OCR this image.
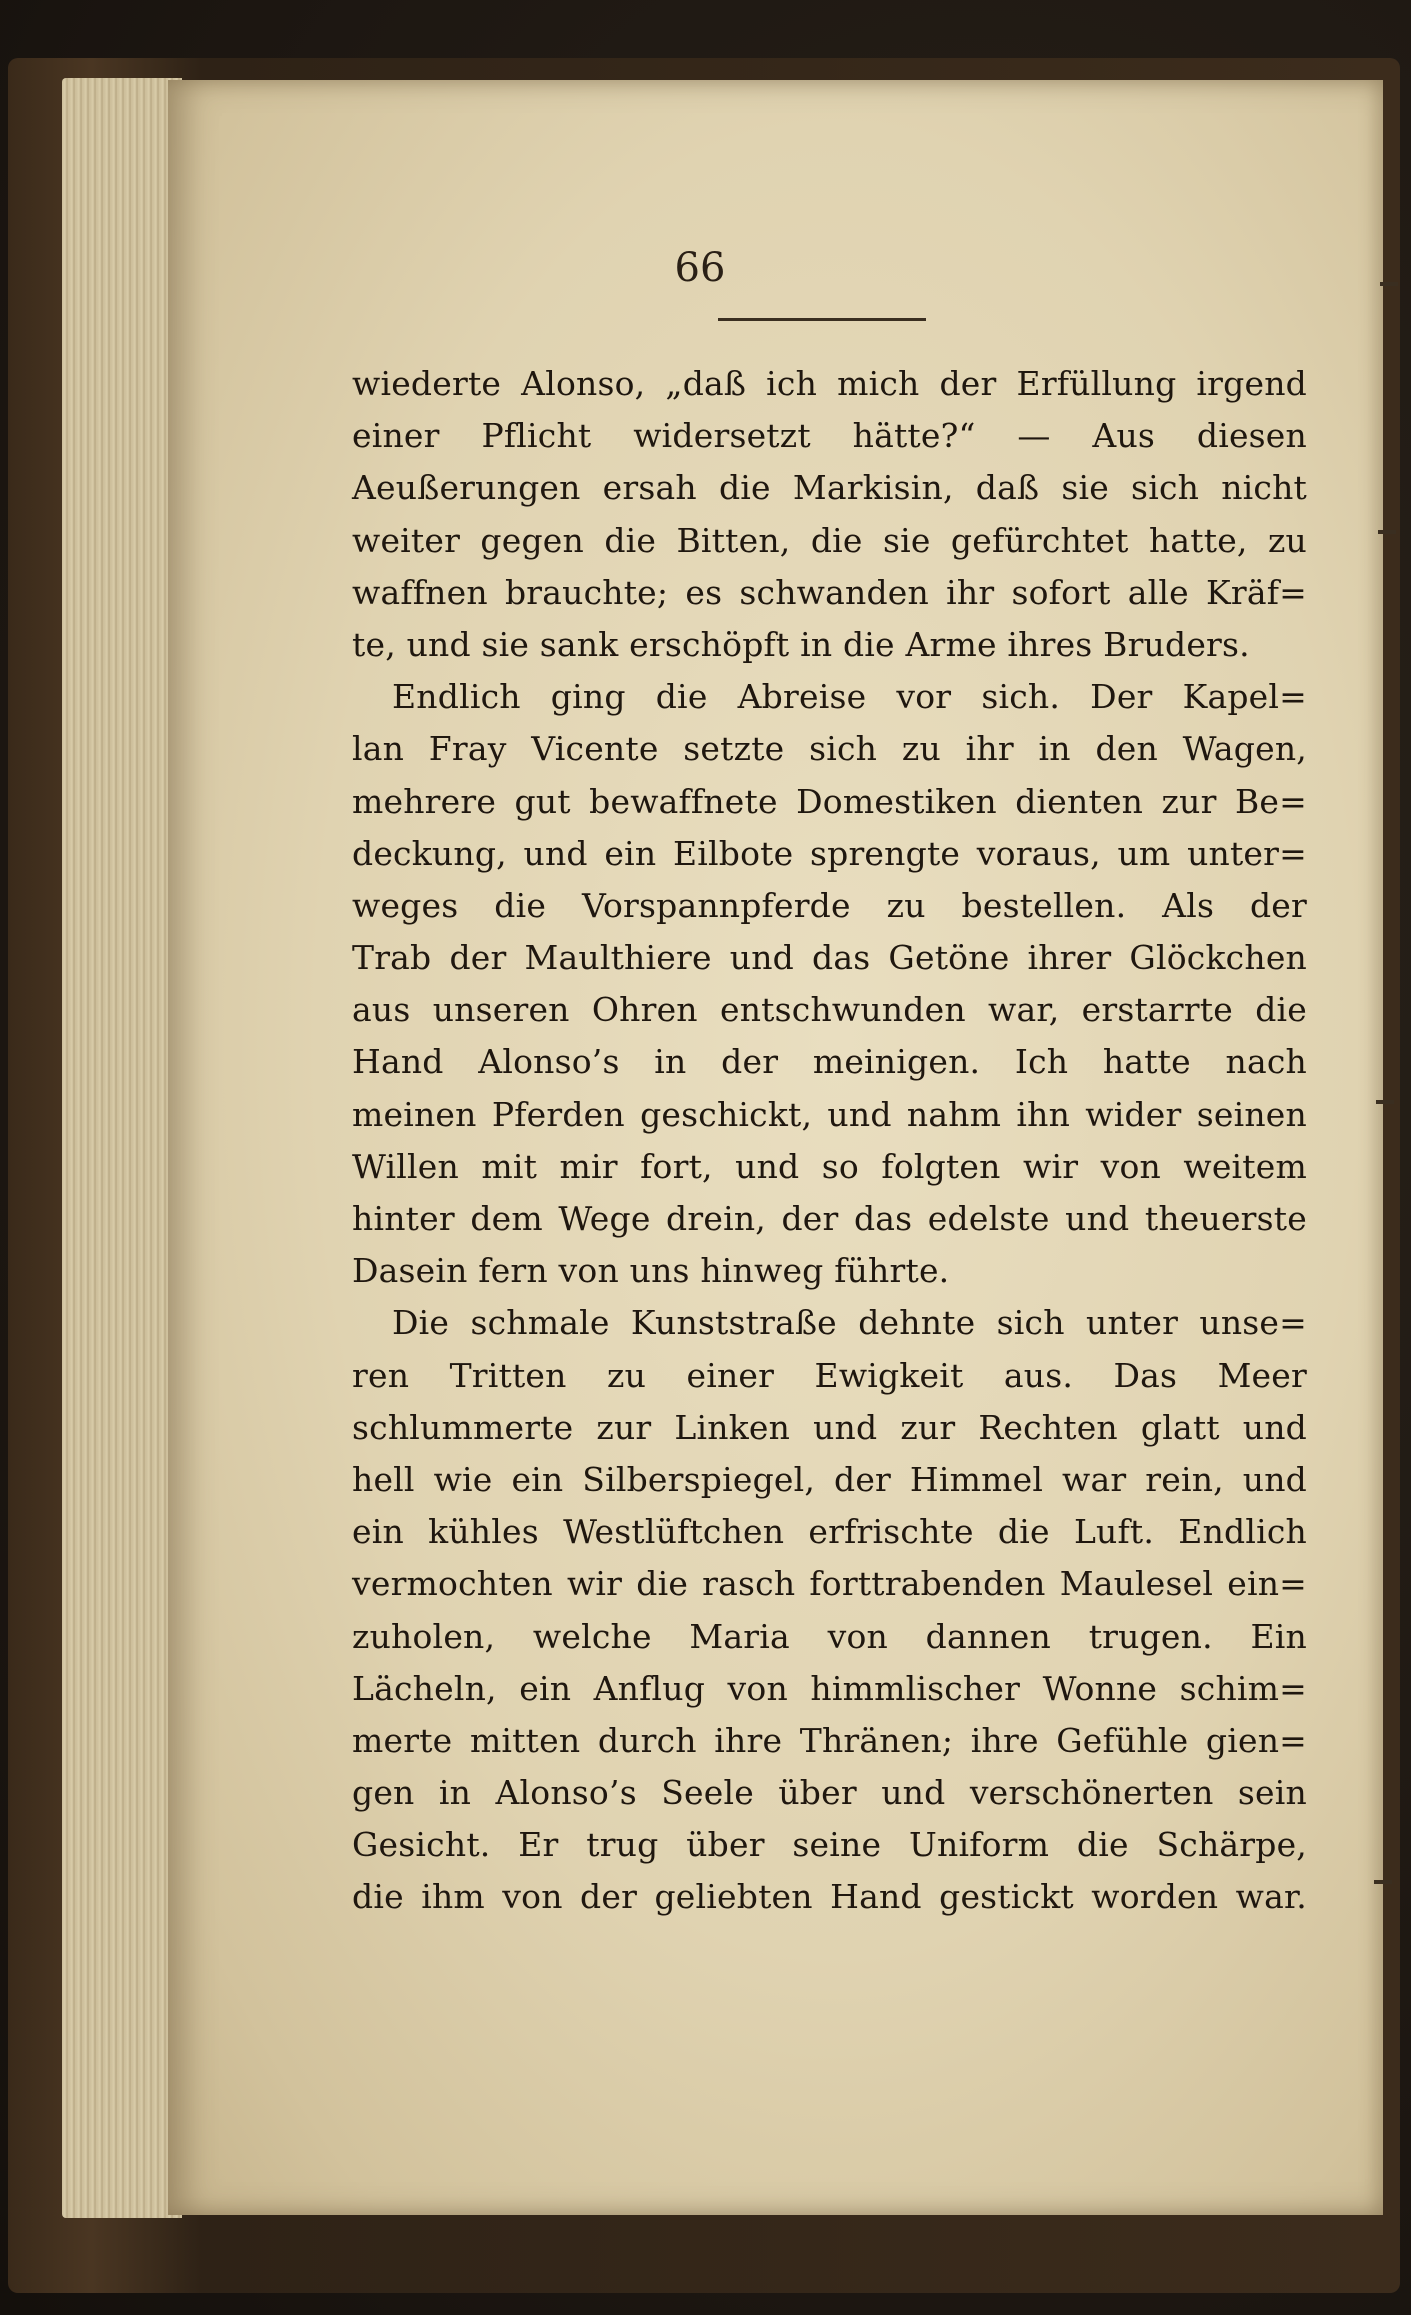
66
wiederte Alonso, „daß ich mich der Erfüllung irgend
einer Pflicht widersetzt hätte?“ — Aus diesen
Aeußerungen ersah die Markisin, daß sie sich nicht
weiter gegen die Bitten, die sie gefürchtet hatte, zu
waffnen brauchte; es schwanden ihr sofort alle Kräf=
te, und sie sank erschöpft in die Arme ihres Bruders.
Endlich ging die Abreise vor sich. Der Kapel=
lan Fray Vicente setzte sich zu ihr in den Wagen,
mehrere gut bewaffnete Domestiken dienten zur Be=
deckung, und ein Eilbote sprengte voraus, um unter=
weges die Vorspannpferde zu bestellen. Als der
Trab der Maulthiere und das Getöne ihrer Glöckchen
aus unseren Ohren entschwunden war, erstarrte die
Hand Alonso’s in der meinigen. Ich hatte nach
meinen Pferden geschickt, und nahm ihn wider seinen
Willen mit mir fort, und so folgten wir von weitem
hinter dem Wege drein, der das edelste und theuerste
Dasein fern von uns hinweg führte.
Die schmale Kunststraße dehnte sich unter unse=
ren Tritten zu einer Ewigkeit aus. Das Meer
schlummerte zur Linken und zur Rechten glatt und
hell wie ein Silberspiegel, der Himmel war rein, und
ein kühles Westlüftchen erfrischte die Luft. Endlich
vermochten wir die rasch forttrabenden Maulesel ein=
zuholen, welche Maria von dannen trugen. Ein
Lächeln, ein Anflug von himmlischer Wonne schim=
merte mitten durch ihre Thränen; ihre Gefühle gien=
gen in Alonso’s Seele über und verschönerten sein
Gesicht. Er trug über seine Uniform die Schärpe,
die ihm von der geliebten Hand gestickt worden war.
